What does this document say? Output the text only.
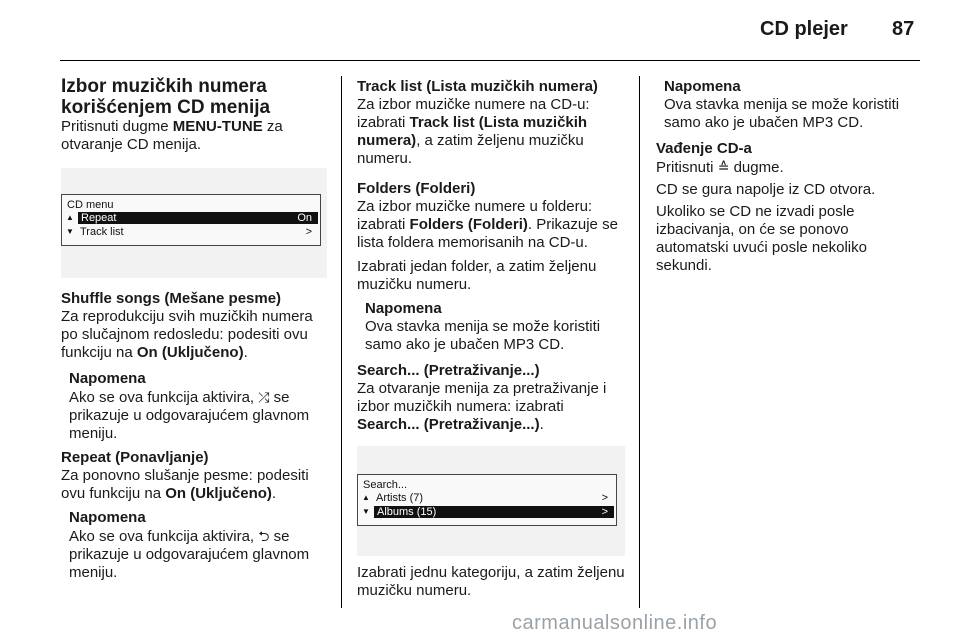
CD plejer 87

Izbor muzičkih numera korišćenjem CD menija

Pritisnuti dugme MENU-TUNE za otvaranje CD menija.

CD menu
▲ Repeat	On
▼ Track list	>

Shuffle songs (Mešane pesme)

Za reprodukciju svih muzičkih numera po slučajnom redosledu: podesiti ovu funkciju na On (Uključeno).

Napomena

Ako se ova funkcija aktivira, ⤮ se prikazuje u odgovarajućem glavnom meniju.

Repeat (Ponavljanje)

Za ponovno slušanje pesme: podesiti ovu funkciju na On (Uključeno).

Napomena

Ako se ova funkcija aktivira, ⮌ se prikazuje u odgovarajućem glavnom meniju.

Track list (Lista muzičkih numera)

Za izbor muzičke numere na CD-u: izabrati Track list (Lista muzičkih numera), a zatim željenu muzičku numeru.

Folders (Folderi)

Za izbor muzičke numere u folderu: izabrati Folders (Folderi). Prikazuje se lista foldera memorisanih na CD-u.

Izabrati jedan folder, a zatim željenu muzičku numeru.

Napomena

Ova stavka menija se može koristiti samo ako je ubačen MP3 CD.

Search... (Pretraživanje...)

Za otvaranje menija za pretraživanje i izbor muzičkih numera: izabrati Search... (Pretraživanje...).

Search...
▲ Artists (7)	>
▼ Albums (15)	>

Izabrati jednu kategoriju, a zatim željenu muzičku numeru.

Napomena

Ova stavka menija se može koristiti samo ako je ubačen MP3 CD.

Vađenje CD-a

Pritisnuti ≙ dugme.

CD se gura napolje iz CD otvora.

Ukoliko se CD ne izvadi posle izbacivanja, on će se ponovo automatski uvući posle nekoliko sekundi.

carmanualsonline.info
